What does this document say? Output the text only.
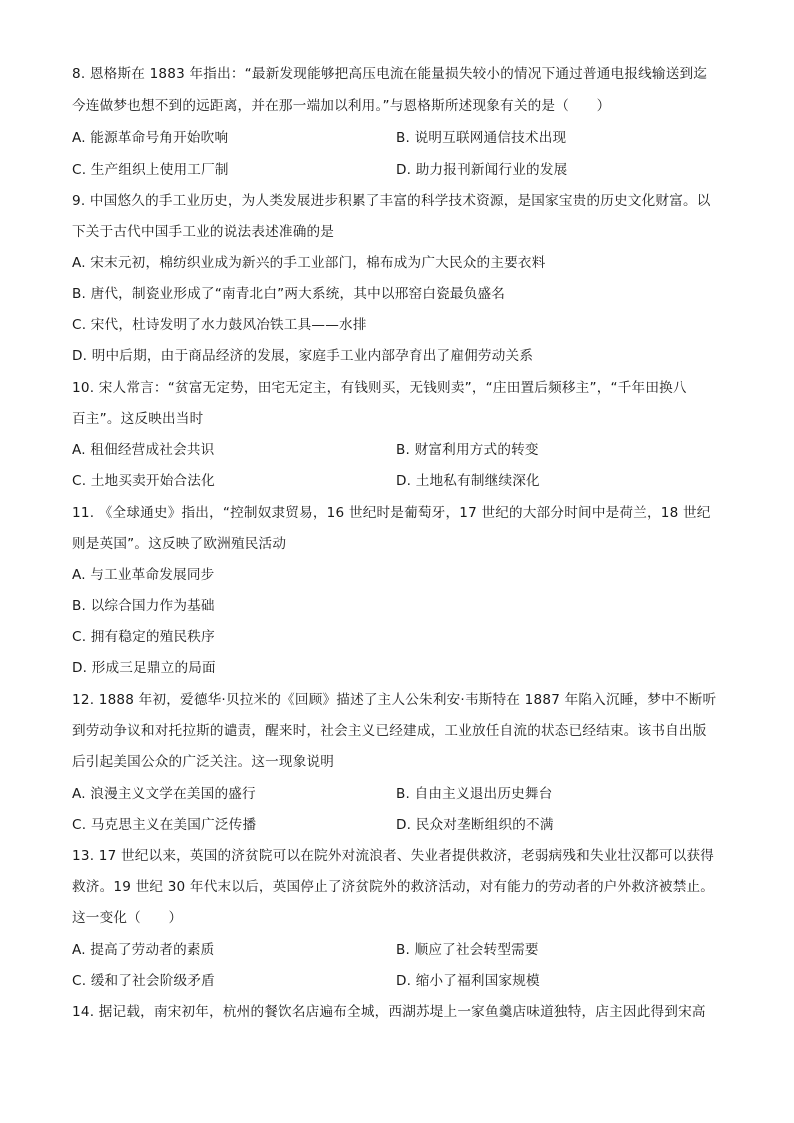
8. 恩格斯在 1883 年指出：“最新发现能够把高压电流在能量损失较小的情况下通过普通电报线输送到迄
今连做梦也想不到的远距离，并在那一端加以利用。”与恩格斯所述现象有关的是（　　）
A. 能源革命号角开始吹响	B. 说明互联网通信技术出现
C. 生产组织上使用工厂制	D. 助力报刊新闻行业的发展
9. 中国悠久的手工业历史，为人类发展进步积累了丰富的科学技术资源，是国家宝贵的历史文化财富。以
下关于古代中国手工业的说法表述准确的是
A. 宋末元初，棉纺织业成为新兴的手工业部门，棉布成为广大民众的主要衣料
B. 唐代，制瓷业形成了“南青北白”两大系统，其中以邢窑白瓷最负盛名
C. 宋代，杜诗发明了水力鼓风冶铁工具——水排
D. 明中后期，由于商品经济的发展，家庭手工业内部孕育出了雇佣劳动关系
10. 宋人常言：“贫富无定势，田宅无定主，有钱则买，无钱则卖”，“庄田置后频移主”，“千年田换八
百主”。这反映出当时
A. 租佃经营成社会共识	B. 财富利用方式的转变
C. 土地买卖开始合法化	D. 土地私有制继续深化
11. 《全球通史》指出，“控制奴隶贸易，16 世纪时是葡萄牙，17 世纪的大部分时间中是荷兰，18 世纪
则是英国”。这反映了欧洲殖民活动
A. 与工业革命发展同步
B. 以综合国力作为基础
C. 拥有稳定的殖民秩序
D. 形成三足鼎立的局面
12. 1888 年初，爱德华·贝拉米的《回顾》描述了主人公朱利安·韦斯特在 1887 年陷入沉睡，梦中不断听
到劳动争议和对托拉斯的谴责，醒来时，社会主义已经建成，工业放任自流的状态已经结束。该书自出版
后引起美国公众的广泛关注。这一现象说明
A. 浪漫主义文学在美国的盛行	B. 自由主义退出历史舞台
C. 马克思主义在美国广泛传播	D. 民众对垄断组织的不满
13. 17 世纪以来，英国的济贫院可以在院外对流浪者、失业者提供救济，老弱病残和失业壮汉都可以获得
救济。19 世纪 30 年代末以后，英国停止了济贫院外的救济活动，对有能力的劳动者的户外救济被禁止。
这一变化（　　）
A. 提高了劳动者的素质	B. 顺应了社会转型需要
C. 缓和了社会阶级矛盾	D. 缩小了福利国家规模
14. 据记载，南宋初年，杭州的餐饮名店遍布全城，西湖苏堤上一家鱼羹店味道独特，店主因此得到宋高
